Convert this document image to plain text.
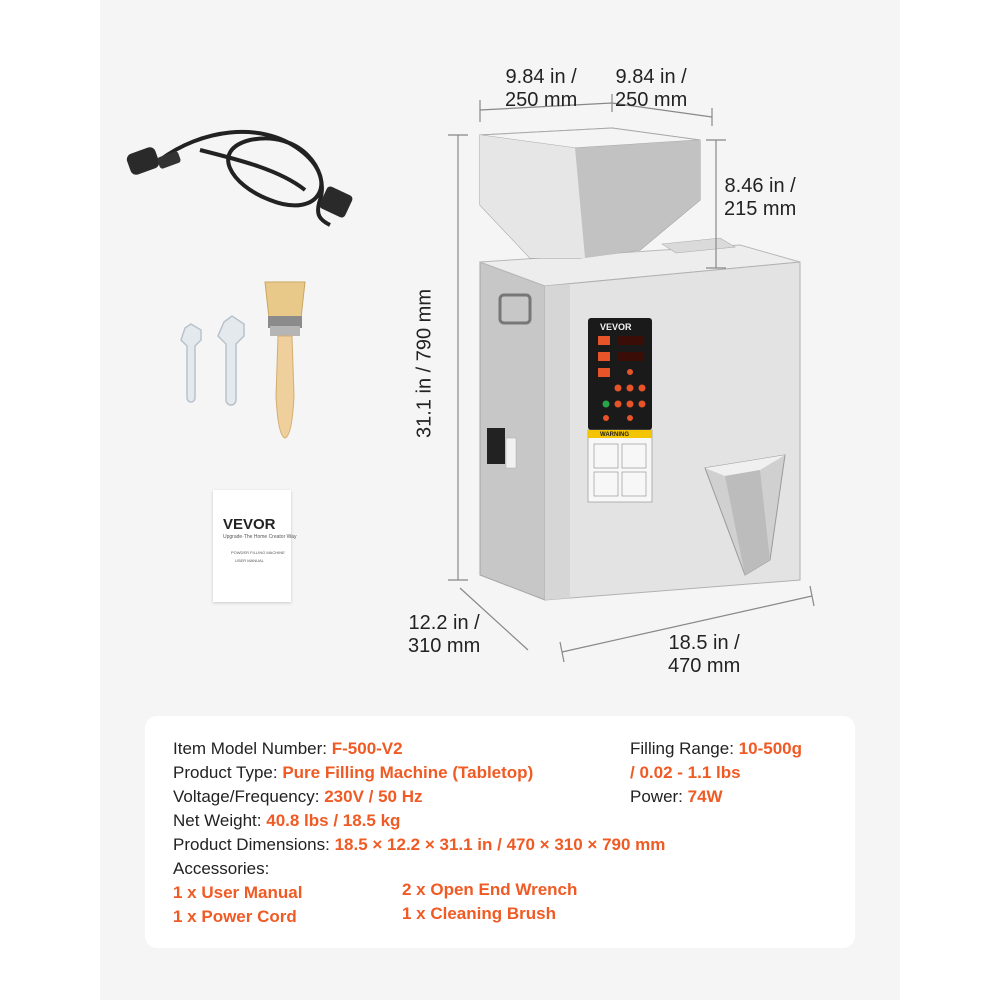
9.84 in /
250 mm
9.84 in /
250 mm
8.46 in /
215 mm
31.1 in / 790 mm
12.2 in /
310 mm	18.5 in /
470 mm
VEVOR
WARNING
VEVOR
Upgrade·The Home Creator Way
POWDER FILLING MACHINE
USER MANUAL
Item Model Number: F-500-V2
Product Type: Pure Filling Machine (Tabletop)
Voltage/Frequency: 230V / 50 Hz
Net Weight: 40.8 lbs / 18.5 kg
Product Dimensions: 18.5 × 12.2 × 31.1 in / 470 × 310 × 790 mm
Accessories:
1 x User Manual
1 x Power Cord
2 x Open End Wrench
1 x Cleaning Brush
Filling Range: 10-500g
/ 0.02 - 1.1 lbs
Power: 74W
